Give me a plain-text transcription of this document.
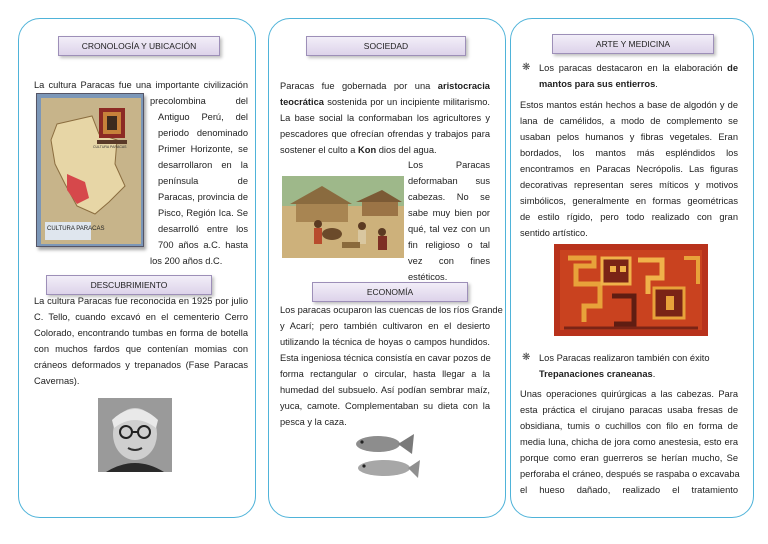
CRONOLOGÍA Y UBICACIÓN
La cultura Paracas fue una importante civilización
CULTURA PARACAS
CULTURA PARACAS
precolombina del
Antiguo Perú, del
periodo denominado
Primer Horizonte, se
desarrollaron en la
península de
Paracas, provincia de
Pisco, Región Ica. Se
desarrolló entre los
700 años a.C. hasta
los 200 años d.C.
DESCUBRIMIENTO
La cultura Paracas fue reconocida en 1925 por julio
C. Tello, cuando excavó en el cementerio Cerro
Colorado, encontrando tumbas en forma de botella
con muchos fardos que contenían momias con
cráneos deformados y trepanados (Fase Paracas
Cavernas).
SOCIEDAD
Paracas fue gobernada por una aristocracia
teocrática sostenida por un incipiente militarismo.
La base social la conformaban los agricultores y
pescadores que ofrecían ofrendas y trabajos para
sostener el culto a Kon dios del agua.
Los Paracas
deformaban sus
cabezas. No se
sabe muy bien por
qué, tal vez con un
fin religioso o tal
vez con fines
estéticos.
ECONOMÍA
Los paracas ocuparon las cuencas de los ríos Grande
y Acarí; pero también cultivaron en el desierto
utilizando la técnica de hoyas o campos hundidos.
Esta ingeniosa técnica consistía en cavar pozos de
forma rectangular o circular, hasta llegar a la
humedad del subsuelo. Así podían sembrar maíz,
yuca, camote. Complementaban su dieta con la
pesca y la caza.
ARTE Y MEDICINA
❋ Los paracas destacaron en la elaboración de
mantos para sus entierros.
Estos mantos están hechos a base de algodón y de
lana de camélidos, a modo de complemento se
usaban pelos humanos y fibras vegetales. Eran
bordados, los mantos más espléndidos los
encontramos en Paracas Necrópolis. Las figuras
decorativas representan seres míticos y motivos
simbólicos, generalmente en formas geométricas
de estilo rígido, pero todo realizado con gran
sentido artístico.
❋ Los Paracas realizaron también con éxito
Trepanaciones craneanas.
Unas operaciones quirúrgicas a las cabezas. Para
esta práctica el cirujano paracas usaba fresas de
obsidiana, tumis o cuchillos con filo en forma de
media luna, chicha de jora como anestesia, esto era
porque como eran guerreros se herían mucho, Se
perforaba el cráneo, después se raspaba o excavaba
el hueso dañado, realizado el tratamiento
